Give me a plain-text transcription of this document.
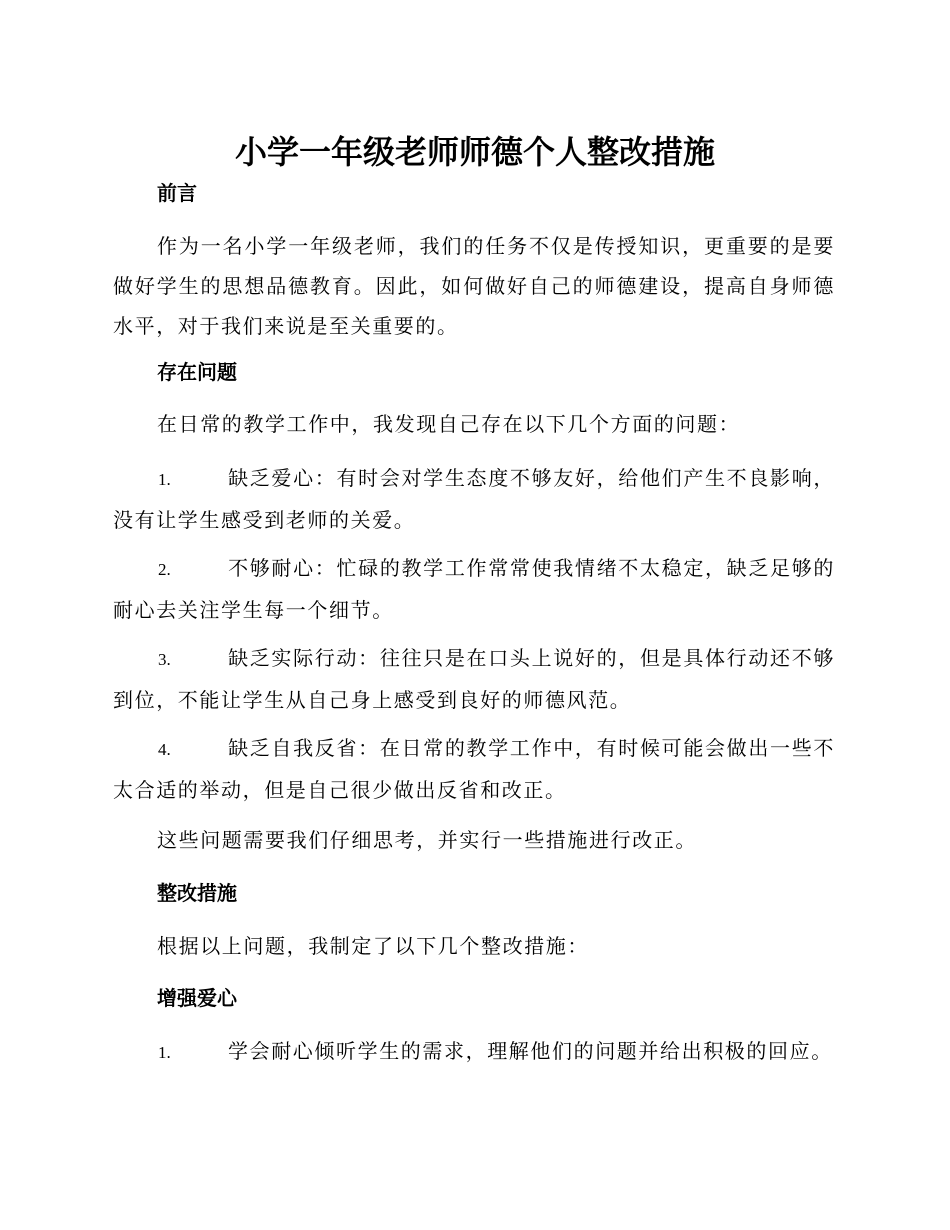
小学一年级老师师德个人整改措施
前言
作为一名小学一年级老师，我们的任务不仅是传授知识，更重要的是要做好学生的思想品德教育。因此，如何做好自己的师德建设，提高自身师德水平，对于我们来说是至关重要的。
存在问题
在日常的教学工作中，我发现自己存在以下几个方面的问题：
1.	缺乏爱心：有时会对学生态度不够友好，给他们产生不良影响，没有让学生感受到老师的关爱。
2.	不够耐心：忙碌的教学工作常常使我情绪不太稳定，缺乏足够的耐心去关注学生每一个细节。
3.	缺乏实际行动：往往只是在口头上说好的，但是具体行动还不够到位，不能让学生从自己身上感受到良好的师德风范。
4.	缺乏自我反省：在日常的教学工作中，有时候可能会做出一些不太合适的举动，但是自己很少做出反省和改正。
这些问题需要我们仔细思考，并实行一些措施进行改正。
整改措施
根据以上问题，我制定了以下几个整改措施：
增强爱心
1.	学会耐心倾听学生的需求，理解他们的问题并给出积极的回应。
